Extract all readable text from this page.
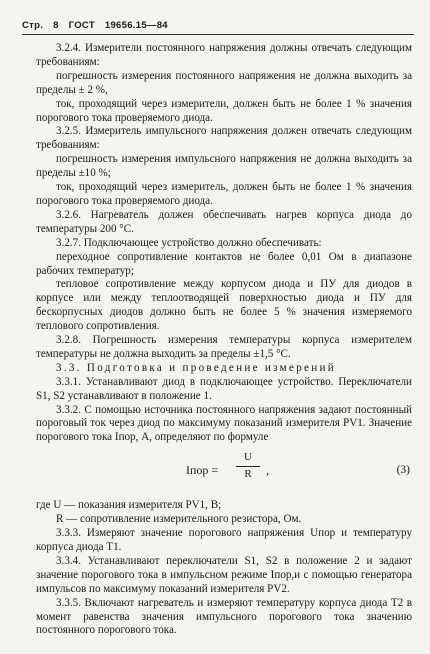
Стр. 8 ГОСТ 19656.15—84

3.2.4. Измерители постоянного напряжения должны отвечать следующим требованиям:

погрешность измерения постоянного напряжения не должна выходить за пределы ± 2 %,

ток, проходящий через измерители, должен быть не более 1 % значения порогового тока проверяемого диода.

3.2.5. Измеритель импульсного напряжения должен отвечать следующим требованиям:

погрешность измерения импульсного напряжения не должна выходить за пределы ±10 %;

ток, проходящий через измеритель, должен быть не более 1 % значения порогового тока проверяемого диода.

3.2.6. Нагреватель должен обеспечивать нагрев корпуса диода до температуры 200 °С.

3.2.7. Подключающее устройство должно обеспечивать:

переходное сопротивление контактов не более 0,01 Ом в диапазоне рабочих температур;

тепловое сопротивление между корпусом диода и ПУ для диодов в корпусе или между теплоотводящей поверхностью диода и ПУ для бескорпусных диодов должно быть не более 5 % значения измеряемого теплового сопротивления.

3.2.8. Погрешность измерения температуры корпуса измерителем температуры не должна выходить за пределы ±1,5 °С.

3.3. Подготовка и проведение измерений

3.3.1. Устанавливают диод в подключающее устройство. Переключатели S1, S2 устанавливают в положение 1.

3.3.2. С помощью источника постоянного напряжения задают постоянный пороговый ток через диод по максимуму показаний измерителя PV1. Значение порогового тока Iпор, А, определяют по формуле

Iпор = $\frac{U}{R}$ ,	(3)

где U — показания измерителя PV1, В;

R — сопротивление измерительного резистора, Ом.

3.3.3. Измеряют значение порогового напряжения Uпор и температуру корпуса диода T1.

3.3.4. Устанавливают переключатели S1, S2 в положение 2 и задают значение порогового тока в импульсном режиме Iпор,и с помощью генератора импульсов по максимуму показаний измерителя PV2.

3.3.5. Включают нагреватель и измеряют температуру корпуса диода T2 в момент равенства значения импульсного порогового тока значению постоянного порогового тока.
